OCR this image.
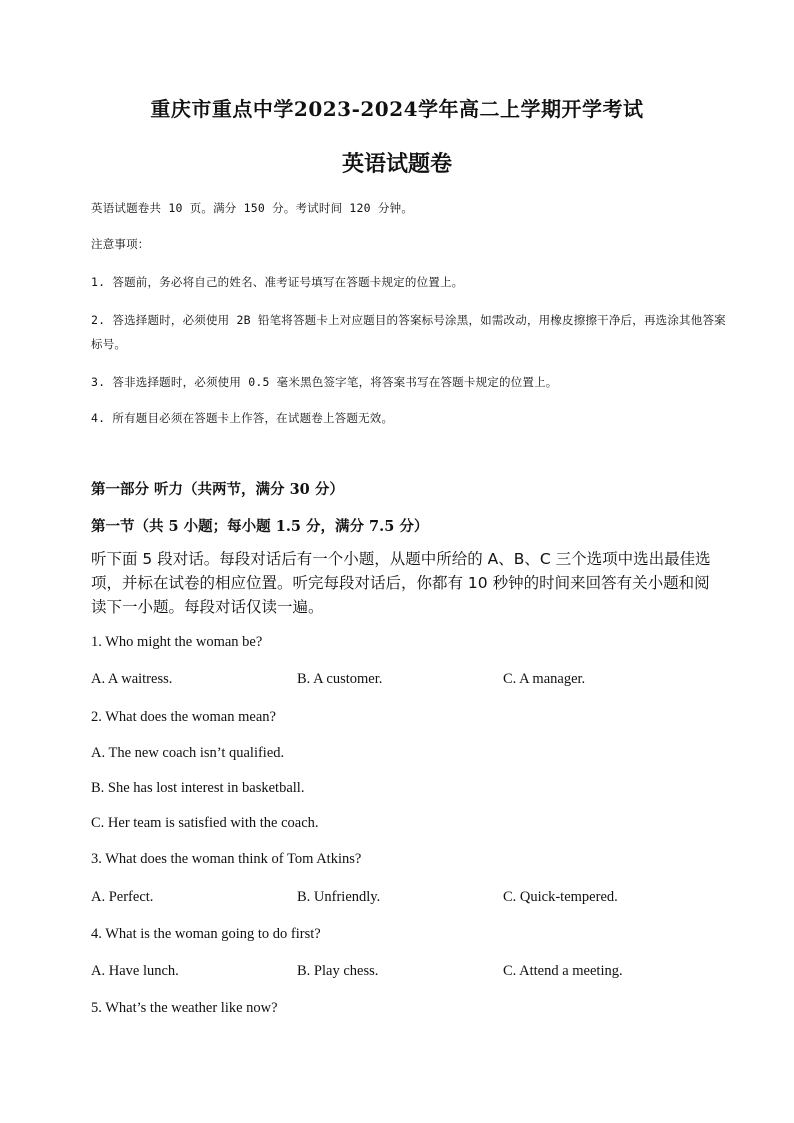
重庆市重点中学2023-2024学年高二上学期开学考试
英语试题卷
英语试题卷共 10 页。满分 150 分。考试时间 120 分钟。
注意事项：
1. 答题前，务必将自己的姓名、准考证号填写在答题卡规定的位置上。
2. 答选择题时，必须使用 2B 铅笔将答题卡上对应题目的答案标号涂黑，如需改动，用橡皮擦擦干净后，再选涂其他答案标号。
3. 答非选择题时，必须使用 0.5 毫米黑色签字笔，将答案书写在答题卡规定的位置上。
4. 所有题目必须在答题卡上作答，在试题卷上答题无效。
第一部分 听力（共两节，满分 30 分）
第一节（共 5 小题；每小题 1.5 分，满分 7.5 分）
听下面 5 段对话。每段对话后有一个小题，从题中所给的 A、B、C 三个选项中选出最佳选项，并标在试卷的相应位置。听完每段对话后，你都有 10 秒钟的时间来回答有关小题和阅读下一小题。每段对话仅读一遍。
1. Who might the woman be?
A. A waitress.	B. A customer.	C. A manager.
2. What does the woman mean?
A. The new coach isn’t qualified.
B. She has lost interest in basketball.
C. Her team is satisfied with the coach.
3. What does the woman think of Tom Atkins?
A. Perfect.	B. Unfriendly.	C. Quick-tempered.
4. What is the woman going to do first?
A. Have lunch.	B. Play chess.	C. Attend a meeting.
5. What’s the weather like now?
